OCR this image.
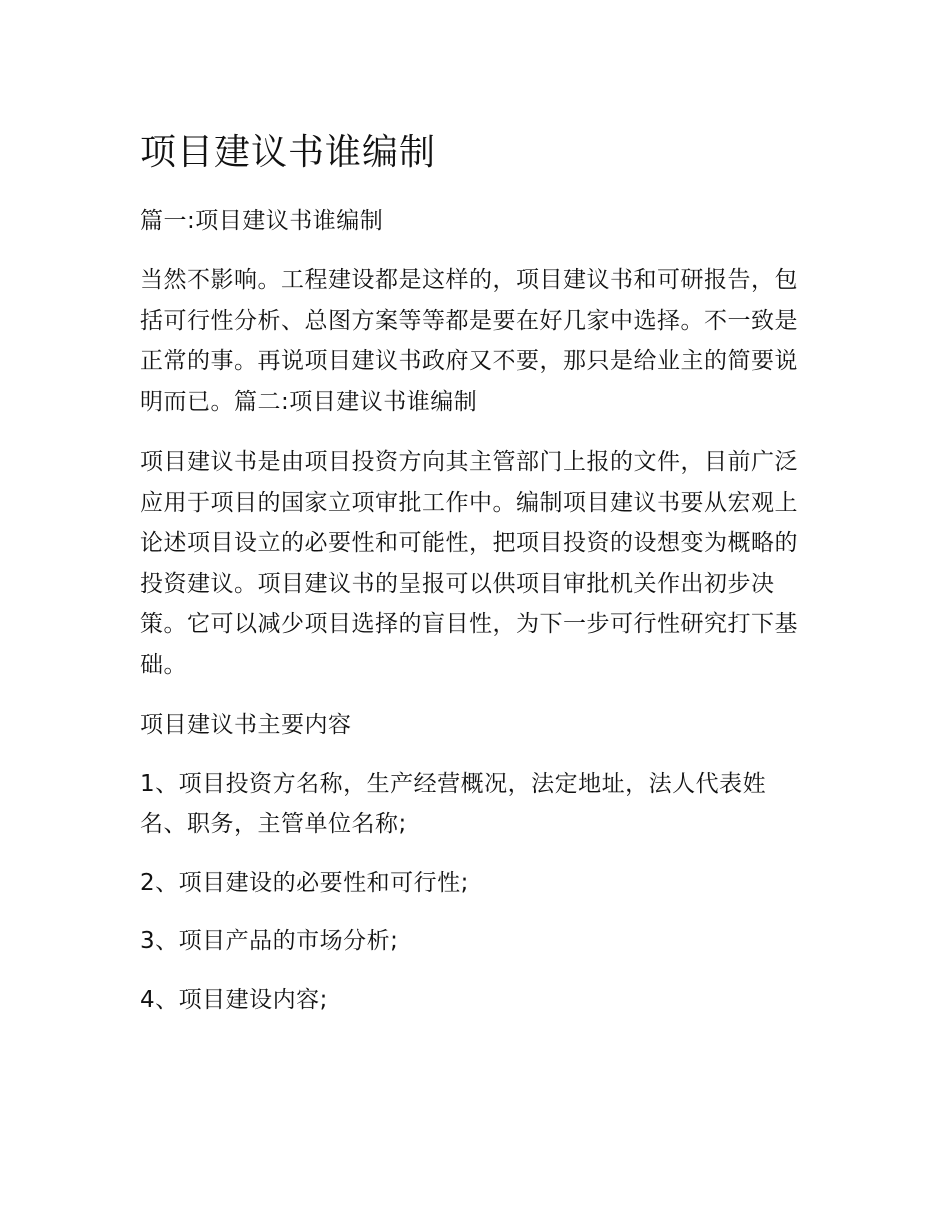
项目建议书谁编制

篇一:项目建议书谁编制

当然不影响。工程建设都是这样的，项目建议书和可研报告，包括可行性分析、总图方案等等都是要在好几家中选择。不一致是正常的事。再说项目建议书政府又不要，那只是给业主的简要说明而已。篇二:项目建议书谁编制

项目建议书是由项目投资方向其主管部门上报的文件，目前广泛应用于项目的国家立项审批工作中。编制项目建议书要从宏观上论述项目设立的必要性和可能性，把项目投资的设想变为概略的投资建议。项目建议书的呈报可以供项目审批机关作出初步决策。它可以减少项目选择的盲目性，为下一步可行性研究打下基础。

项目建议书主要内容

1、项目投资方名称，生产经营概况，法定地址，法人代表姓名、职务，主管单位名称;

2、项目建设的必要性和可行性;

3、项目产品的市场分析;

4、项目建设内容;
